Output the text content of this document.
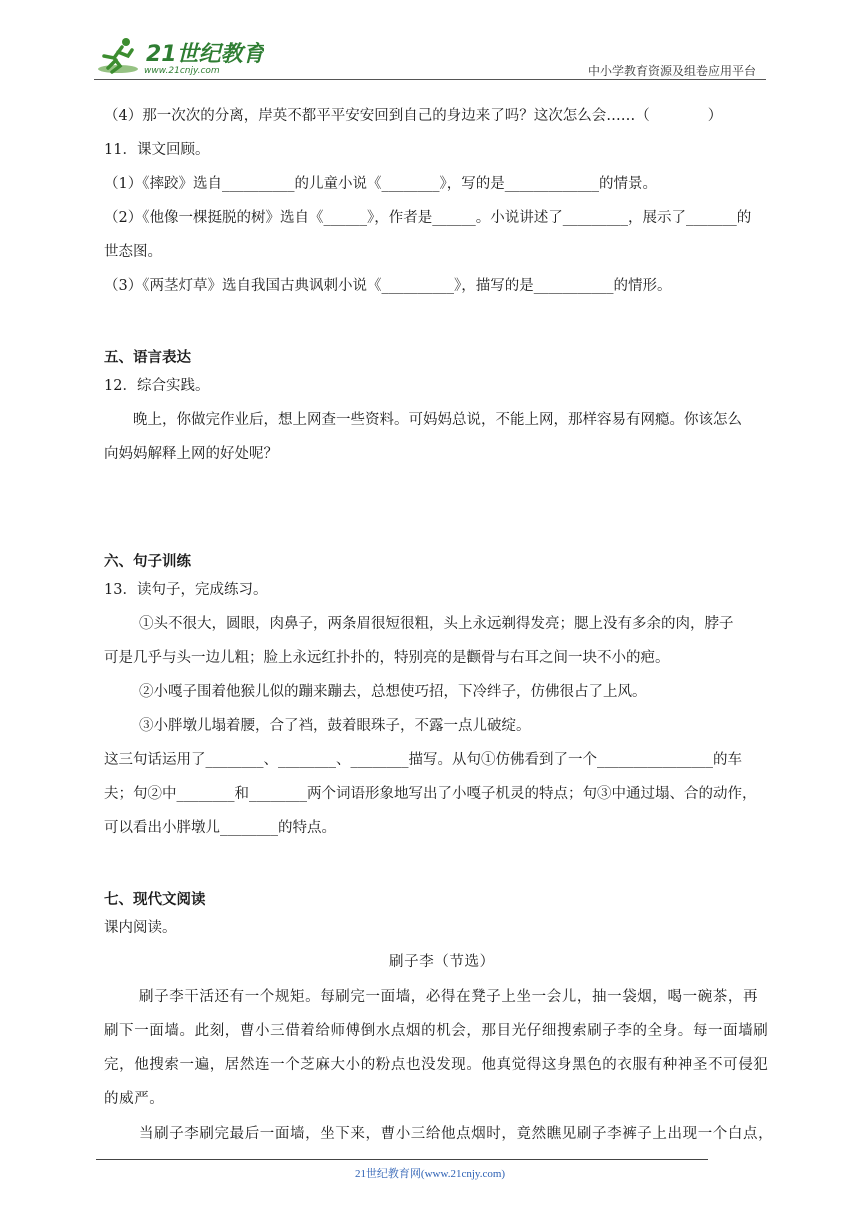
21世纪教育
www.21cnjy.com	中小学教育资源及组卷应用平台
（4）那一次次的分离，岸英不都平平安安回到自己的身边来了吗？这次怎么会……（　　　　）
11．课文回顾。
（1）《摔跤》选自__________的儿童小说《________》，写的是_____________的情景。
（2）《他像一棵挺脱的树》选自《______》，作者是______。小说讲述了_________，展示了_______的
世态图。
（3）《两茎灯草》选自我国古典讽刺小说《__________》，描写的是___________的情形。
五、语言表达
12．综合实践。
晚上，你做完作业后，想上网查一些资料。可妈妈总说，不能上网，那样容易有网瘾。你该怎么
向妈妈解释上网的好处呢？
六、句子训练
13．读句子，完成练习。
①头不很大，圆眼，肉鼻子，两条眉很短很粗，头上永远剃得发亮；腮上没有多余的肉，脖子
可是几乎与头一边儿粗；脸上永远红扑扑的，特别亮的是颧骨与右耳之间一块不小的疤。
②小嘎子围着他猴儿似的蹦来蹦去，总想使巧招，下冷绊子，仿佛很占了上风。
③小胖墩儿塌着腰，合了裆，鼓着眼珠子，不露一点儿破绽。
这三句话运用了________、________、________描写。从句①仿佛看到了一个________________的车
夫；句②中________和________两个词语形象地写出了小嘎子机灵的特点；句③中通过塌、合的动作，
可以看出小胖墩儿________的特点。
七、现代文阅读
课内阅读。
刷子李（节选）
刷子李干活还有一个规矩。每刷完一面墙，必得在凳子上坐一会儿，抽一袋烟，喝一碗茶，再
刷下一面墙。此刻，曹小三借着给师傅倒水点烟的机会，那目光仔细搜索刷子李的全身。每一面墙刷
完，他搜索一遍，居然连一个芝麻大小的粉点也没发现。他真觉得这身黑色的衣服有种神圣不可侵犯
的威严。
当刷子李刷完最后一面墙，坐下来，曹小三给他点烟时，竟然瞧见刷子李裤子上出现一个白点，
21世纪教育网(www.21cnjy.com)
